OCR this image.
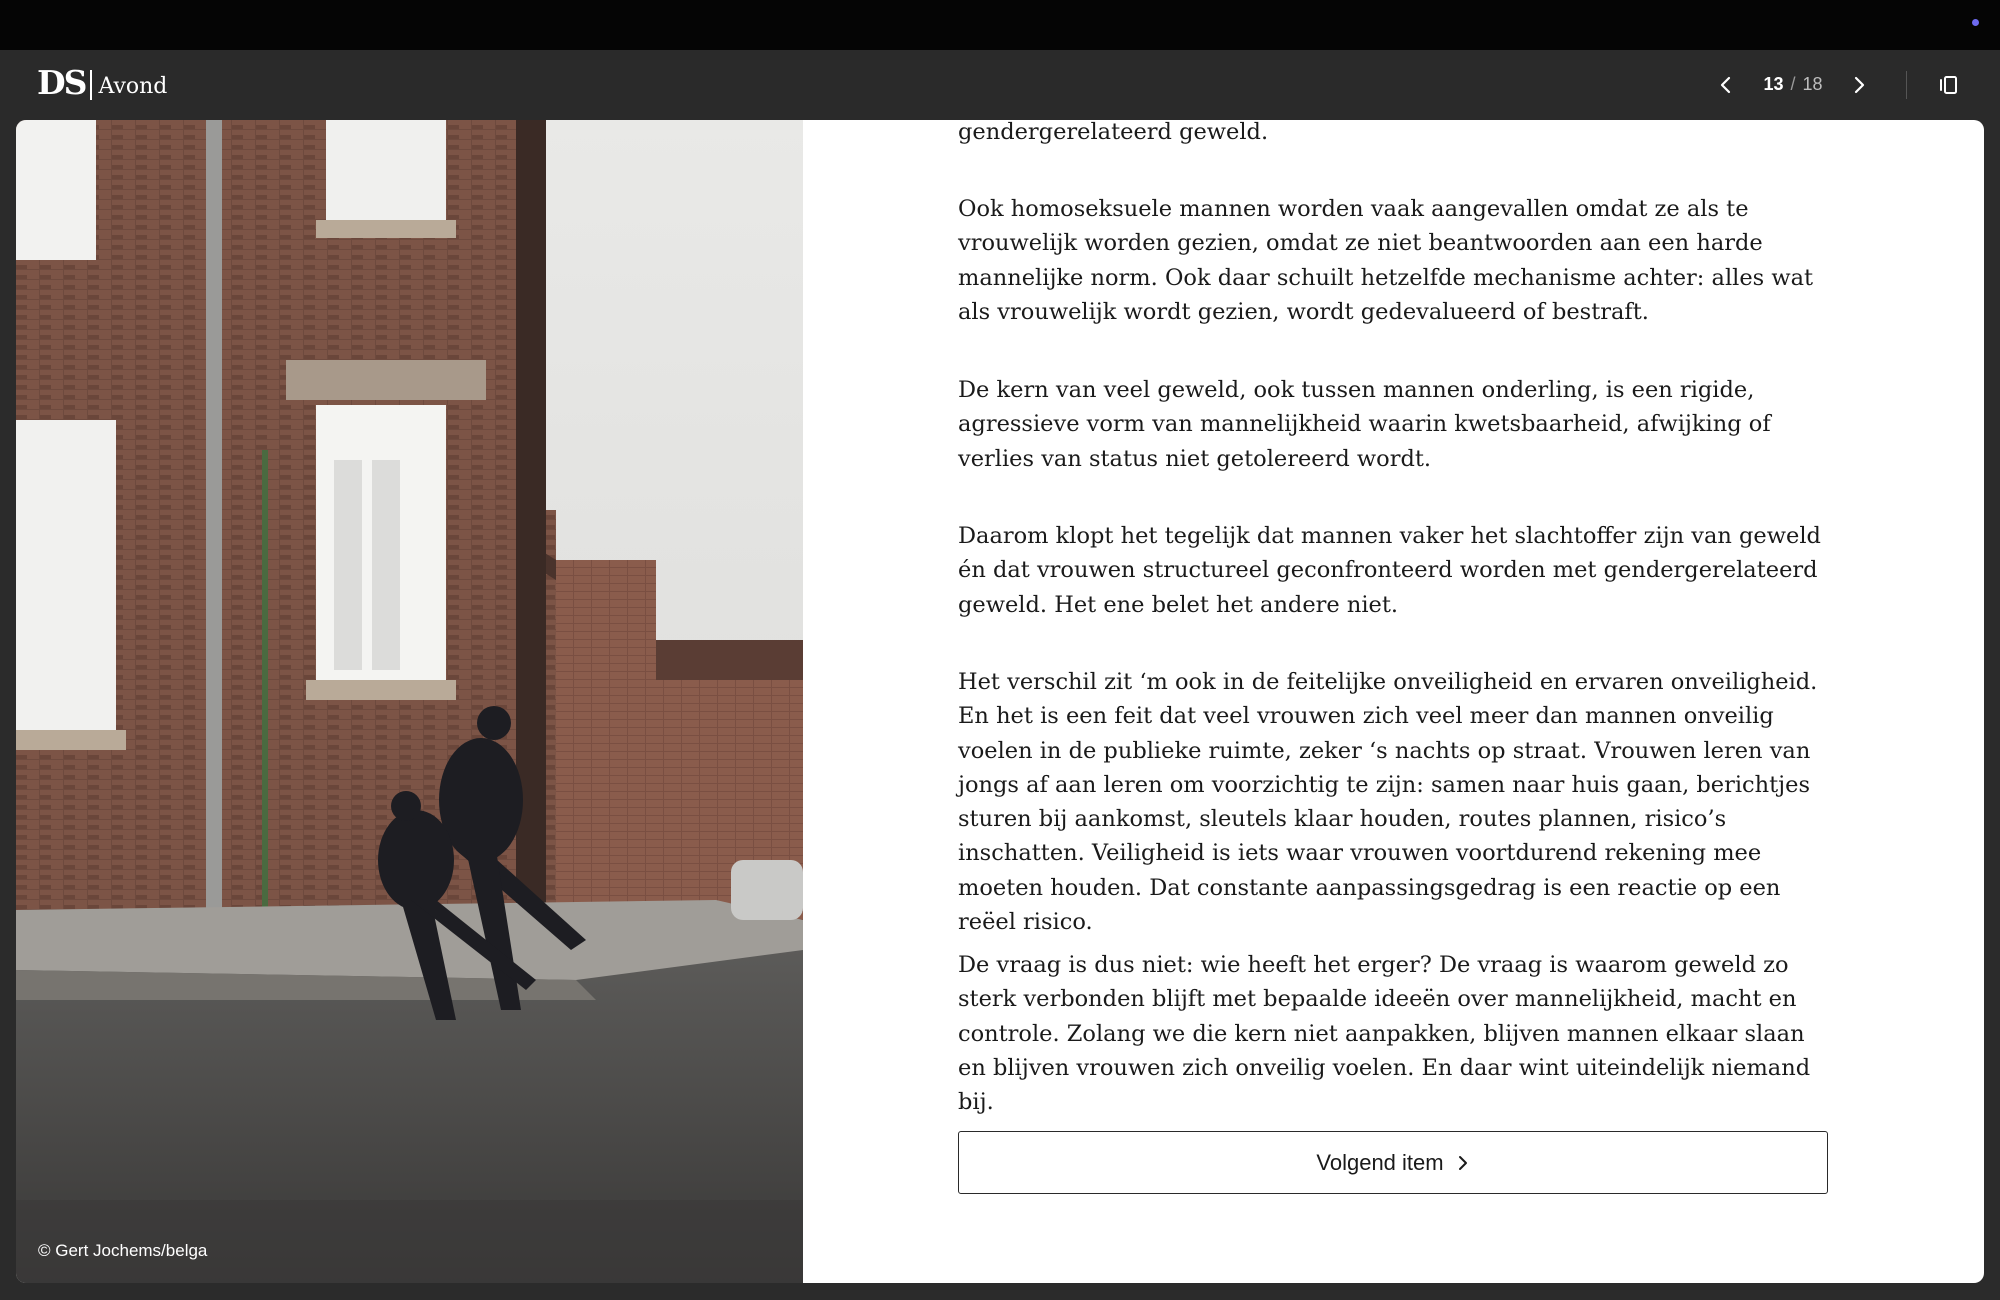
DS Avond	13 / 18
© Gert Jochems/belga

gendergerelateerd geweld.

Ook homoseksuele mannen worden vaak aangevallen omdat ze als te vrouwelijk worden gezien, omdat ze niet beantwoorden aan een harde mannelijke norm. Ook daar schuilt hetzelfde mechanisme achter: alles wat als vrouwelijk wordt gezien, wordt gedevalueerd of bestraft.

De kern van veel geweld, ook tussen mannen onderling, is een rigide, agressieve vorm van mannelijkheid waarin kwetsbaarheid, afwijking of verlies van status niet getolereerd wordt.

Daarom klopt het tegelijk dat mannen vaker het slachtoffer zijn van geweld én dat vrouwen structureel geconfronteerd worden met gendergerelateerd geweld. Het ene belet het andere niet.

Het verschil zit ‘m ook in de feitelijke onveiligheid en ervaren onveiligheid. En het is een feit dat veel vrouwen zich veel meer dan mannen onveilig voelen in de publieke ruimte, zeker ‘s nachts op straat. Vrouwen leren van jongs af aan leren om voorzichtig te zijn: samen naar huis gaan, berichtjes sturen bij aankomst, sleutels klaar houden, routes plannen, risico’s inschatten. Veiligheid is iets waar vrouwen voortdurend rekening mee moeten houden. Dat constante aanpassingsgedrag is een reactie op een reëel risico.

De vraag is dus niet: wie heeft het erger? De vraag is waarom geweld zo sterk verbonden blijft met bepaalde ideeën over mannelijkheid, macht en controle. Zolang we die kern niet aanpakken, blijven mannen elkaar slaan en blijven vrouwen zich onveilig voelen. En daar wint uiteindelijk niemand bij.

Volgend item
